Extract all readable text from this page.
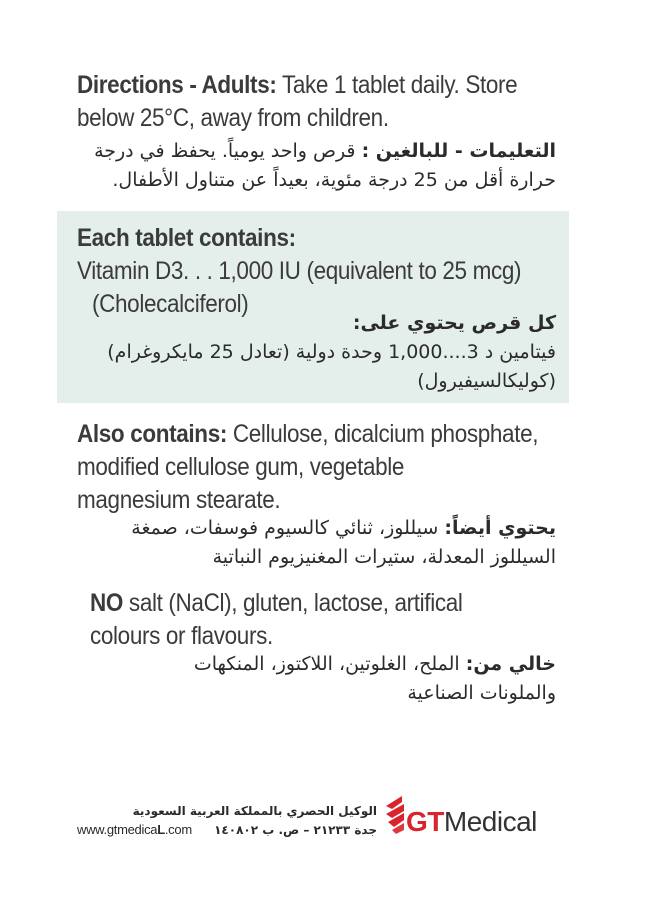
Directions - Adults: Take 1 tablet daily. Store
below 25°C, away from children.
التعليمات - للبالغين : قرص واحد يومياً. يحفظ في درجة
حرارة أقل من 25 درجة مئوية، بعيداً عن متناول الأطفال.
Each tablet contains:
Vitamin D3. . . 1,000 IU (equivalent to 25 mcg)
(Cholecalciferol)
كل قرص يحتوي على:
فيتامين د 3....1,000 وحدة دولية (تعادل 25 مايكروغرام)
(كوليكالسيفيرول)
Also contains: Cellulose, dicalcium phosphate,
modified cellulose gum, vegetable
magnesium stearate.
يحتوي أيضاً: سيللوز، ثنائي كالسيوم فوسفات، صمغة
السيللوز المعدلة، ستيرات المغنيزيوم النباتية
NO salt (NaCl), gluten, lactose, artifical
colours or flavours.
خالي من: الملح، الغلوتين، اللاكتوز، المنكهات
والملونات الصناعية
الوكيل الحصري بالمملكة العربية السعودية
جدة ٢١٢٣٣ – ص. ب ١٤٠٨٠٢
www.gtmedicaL.com	GTMedical
